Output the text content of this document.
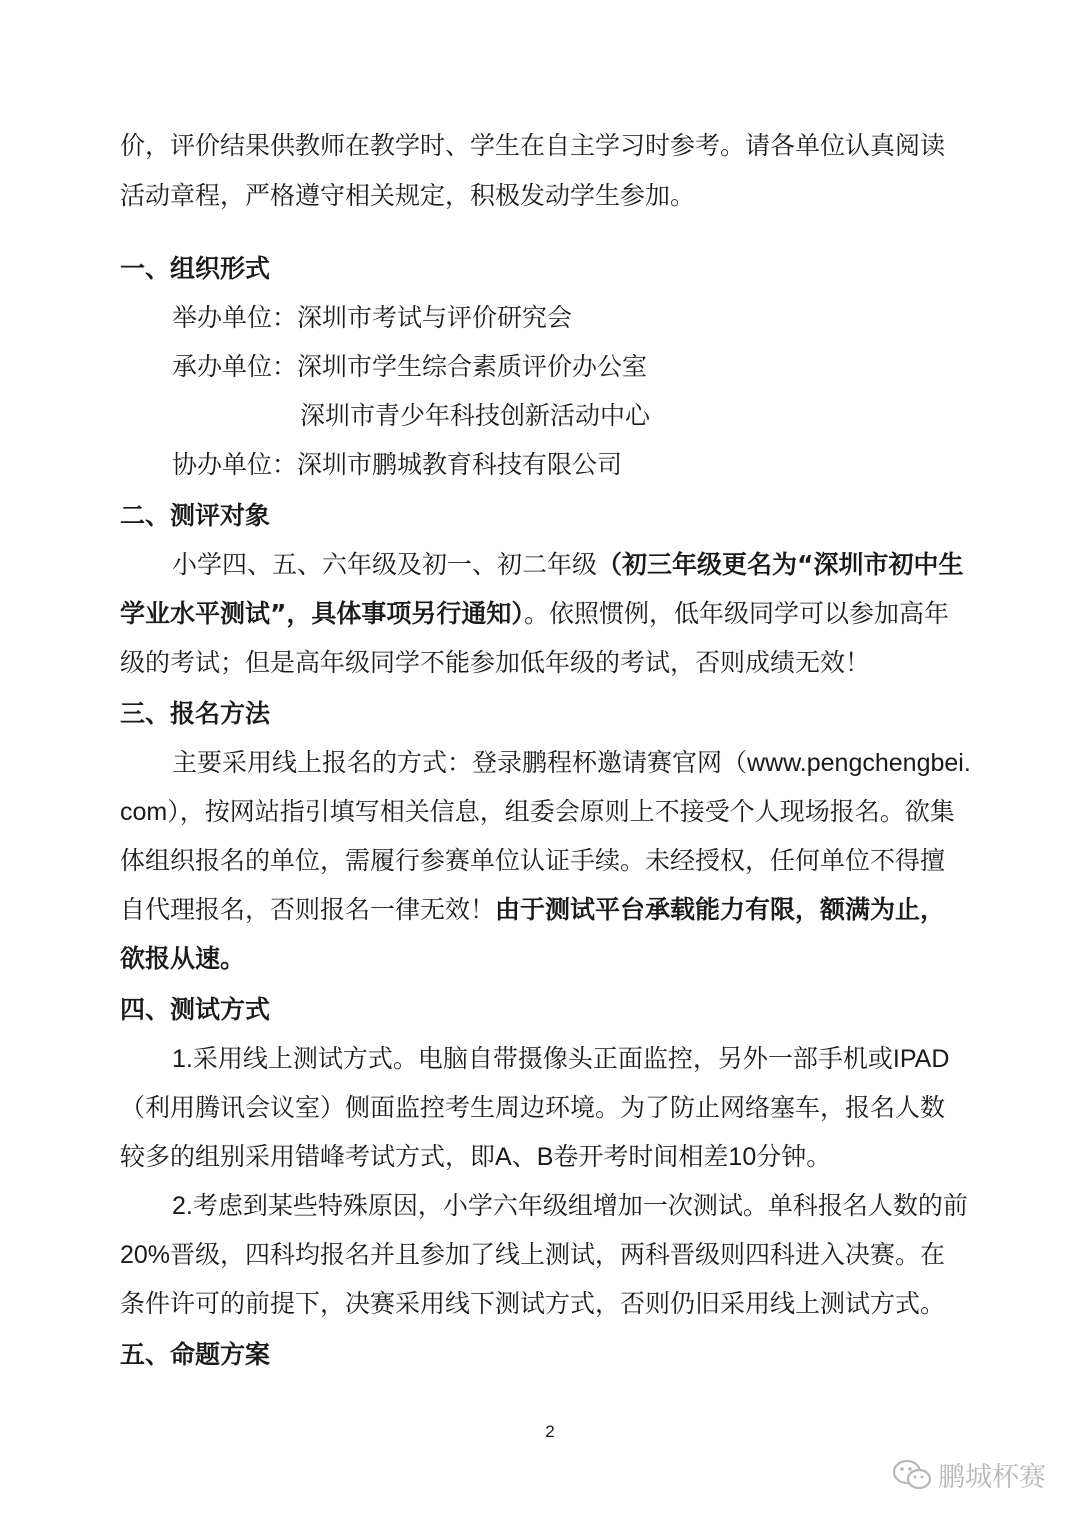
价，评价结果供教师在教学时、学生在自主学习时参考。请各单位认真阅读
活动章程，严格遵守相关规定，积极发动学生参加。
一、组织形式
举办单位：深圳市考试与评价研究会
承办单位：深圳市学生综合素质评价办公室
深圳市青少年科技创新活动中心
协办单位：深圳市鹏城教育科技有限公司
二、测评对象
小学四、五、六年级及初一、初二年级（初三年级更名为“深圳市初中生
学业水平测试”，具体事项另行通知）。依照惯例，低年级同学可以参加高年
级的考试；但是高年级同学不能参加低年级的考试，否则成绩无效！
三、报名方法
主要采用线上报名的方式：登录鹏程杯邀请赛官网（www.pengchengbei.
com），按网站指引填写相关信息，组委会原则上不接受个人现场报名。欲集
体组织报名的单位，需履行参赛单位认证手续。未经授权，任何单位不得擅
自代理报名，否则报名一律无效！由于测试平台承载能力有限，额满为止，
欲报从速。
四、测试方式
1.采用线上测试方式。电脑自带摄像头正面监控，另外一部手机或IPAD
（利用腾讯会议室）侧面监控考生周边环境。为了防止网络塞车，报名人数
较多的组别采用错峰考试方式，即A、B卷开考时间相差10分钟。
2.考虑到某些特殊原因，小学六年级组增加一次测试。单科报名人数的前
20%晋级，四科均报名并且参加了线上测试，两科晋级则四科进入决赛。在
条件许可的前提下，决赛采用线下测试方式，否则仍旧采用线上测试方式。
五、命题方案
2
鹏城杯赛
